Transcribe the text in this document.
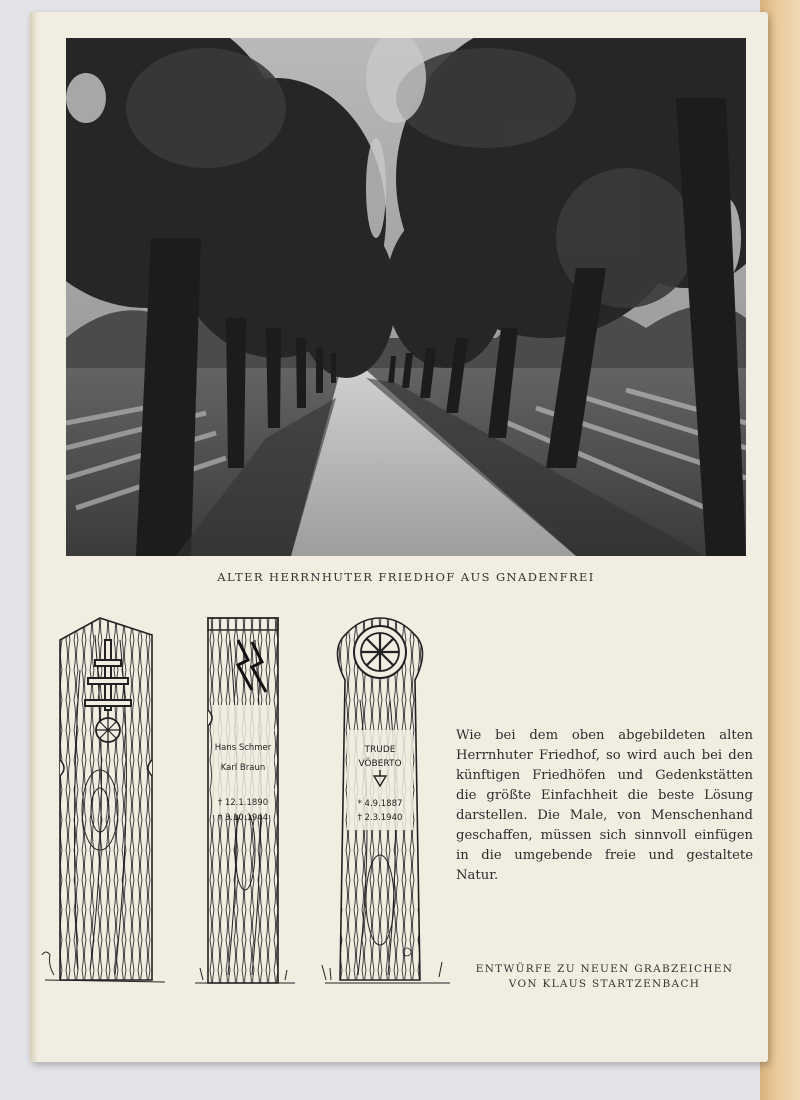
ALTER HERRNHUTER FRIEDHOF AUS GNADENFREI
Hans Schmer
Karl Braun
† 12.1.1890
† 3.10.1944
TRUDE
VÖBERTO
* 4.9.1887
† 2.3.1940

Wie bei dem oben abgebildeten alten Herrnhuter Friedhof, so wird auch bei den künftigen Friedhöfen und Gedenkstätten die größte Einfachheit die beste Lösung darstellen. Die Male, von Menschenhand geschaffen, müssen sich sinnvoll einfügen in die umgebende freie und gestaltete Natur.

ENTWÜRFE ZU NEUEN GRABZEICHEN
VON KLAUS STARTZENBACH
